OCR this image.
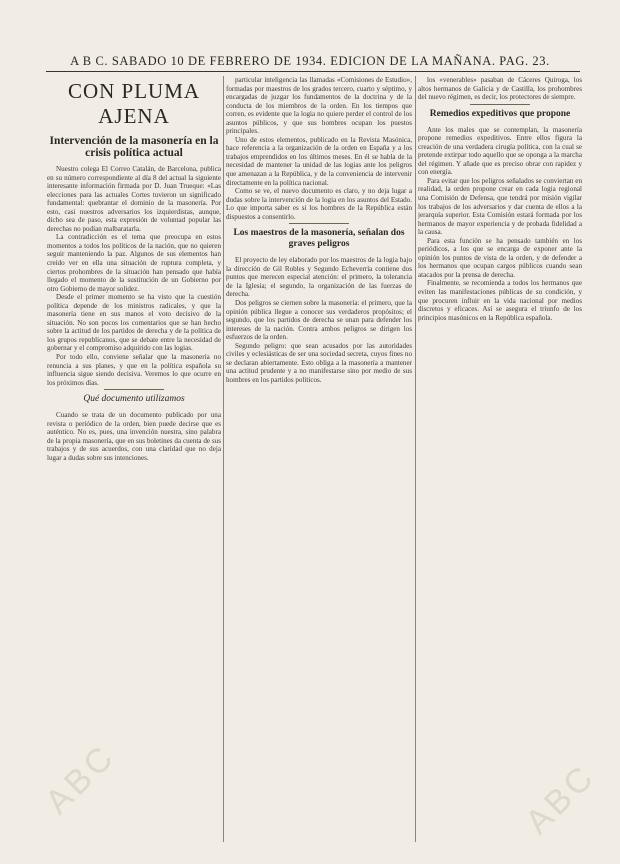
A B C. SABADO 10 DE FEBRERO DE 1934. EDICION DE LA MAÑANA. PAG. 23.
CON PLUMA AJENA
Intervención de la masonería en la crisis política actual

Nuestro colega El Correo Catalán, de Barcelona, publica en su número correspondiente al día 8 del actual la siguiente interesante información firmada por D. Juan Trueque: «Las elecciones para las actuales Cortes tuvieron un significado fundamental: quebrantar el dominio de la masonería. Por esto, casi nuestros adversarios los izquierdistas, aunque, dicho sea de paso, esta expresión de voluntad popular las derechas no podían malbaratarla.

La contradicción es el tema que preocupa en estos momentos a todos los políticos de la nación, que no quieren seguir manteniendo la paz. Algunos de sus elementos han creído ver en ella una situación de ruptura completa, y ciertos prohombres de la situación han pensado que había llegado el momento de la sustitución de un Gobierno por otro Gobierno de mayor solidez.

Desde el primer momento se ha visto que la cuestión política depende de los ministros radicales, y que la masonería tiene en sus manos el voto decisivo de la situación. No son pocos los comentarios que se han hecho sobre la actitud de los partidos de derecha y de la política de los grupos republicanos, que se debate entre la necesidad de gobernar y el compromiso adquirido con las logias.

Por todo ello, conviene señalar que la masonería no renuncia a sus planes, y que en la política española su influencia sigue siendo decisiva. Veremos lo que ocurre en los próximos días.

Qué documento utilizamos

Cuando se trata de un documento publicado por una revista o periódico de la orden, bien puede decirse que es auténtico. No es, pues, una invención nuestra, sino palabra de la propia masonería, que en sus boletines da cuenta de sus trabajos y de sus acuerdos, con una claridad que no deja lugar a dudas sobre sus intenciones.

particular inteligencia las llamadas «Comisiones de Estudio», formadas por maestros de los grados tercero, cuarto y séptimo, y encargadas de juzgar los fundamentos de la doctrina y de la conducta de los miembros de la orden. En los tiempos que corren, es evidente que la logia no quiere perder el control de los asuntos públicos, y que sus hombres ocupan los puestos principales.

Uno de estos elementos, publicado en la Revista Masónica, hace referencia a la organización de la orden en España y a los trabajos emprendidos en los últimos meses. En él se habla de la necesidad de mantener la unidad de las logias ante los peligros que amenazan a la República, y de la conveniencia de intervenir directamente en la política nacional.

Como se ve, el nuevo documento es claro, y no deja lugar a dudas sobre la intervención de la logia en los asuntos del Estado. Lo que importa saber es si los hombres de la República están dispuestos a consentirlo.

Los maestros de la masonería, señalan dos graves peligros

El proyecto de ley elaborado por los maestros de la logia bajo la dirección de Gil Robles y Segundo Echeverría contiene dos puntos que merecen especial atención: el primero, la tolerancia de la Iglesia; el segundo, la organización de las fuerzas de derecha.

Dos peligros se ciernen sobre la masonería: el primero, que la opinión pública llegue a conocer sus verdaderos propósitos; el segundo, que los partidos de derecha se unan para defender los intereses de la nación. Contra ambos peligros se dirigen los esfuerzos de la orden.

Segundo peligro: que sean acusados por las autoridades civiles y eclesiásticas de ser una sociedad secreta, cuyos fines no se declaran abiertamente. Esto obliga a la masonería a mantener una actitud prudente y a no manifestarse sino por medio de sus hombres en los partidos políticos.

los «venerables» pasaban de Cáceres Quiroga, los altos hermanos de Galicia y de Castilla, los prohombres del nuevo régimen, es decir, los protectores de siempre.

Remedios expeditivos que propone

Ante los males que se contemplan, la masonería propone remedios expeditivos. Entre ellos figura la creación de una verdadera cirugía política, con la cual se pretende extirpar todo aquello que se oponga a la marcha del régimen. Y añade que es preciso obrar con rapidez y con energía.

Para evitar que los peligros señalados se conviertan en realidad, la orden propone crear en cada logia regional una Comisión de Defensa, que tendrá por misión vigilar los trabajos de los adversarios y dar cuenta de ellos a la jerarquía superior. Esta Comisión estará formada por los hermanos de mayor experiencia y de probada fidelidad a la causa.

Para esta función se ha pensado también en los periódicos, a los que se encarga de exponer ante la opinión los puntos de vista de la orden, y de defender a los hermanos que ocupan cargos públicos cuando sean atacados por la prensa de derecha.

Finalmente, se recomienda a todos los hermanos que eviten las manifestaciones públicas de su condición, y que procuren influir en la vida nacional por medios discretos y eficaces. Así se asegura el triunfo de los principios masónicos en la República española.

ABC	ABC
